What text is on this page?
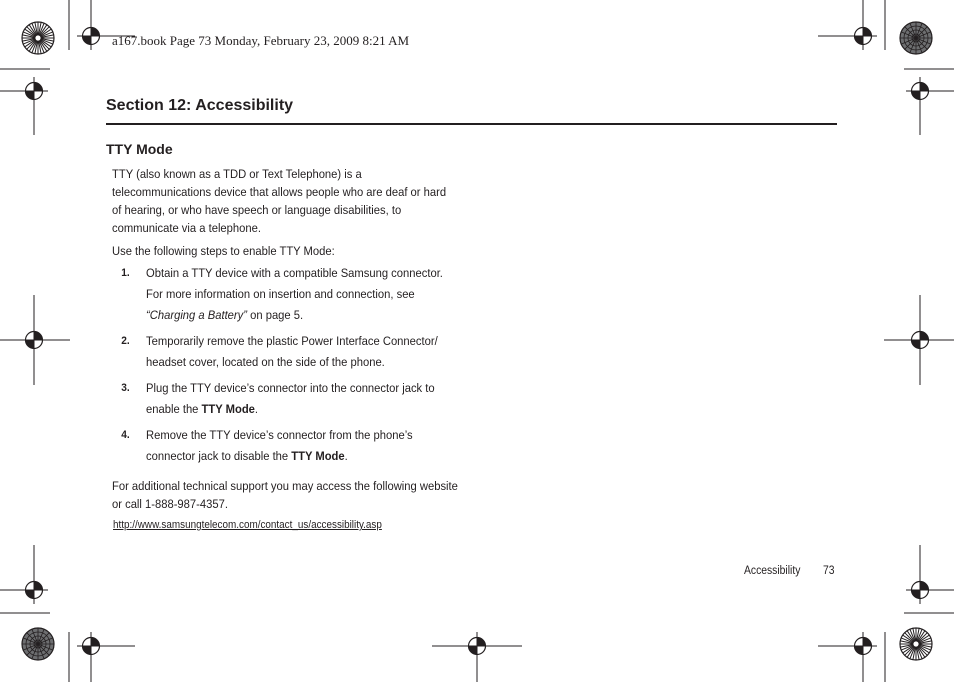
a167.book Page 73 Monday, February 23, 2009 8:21 AM
Section 12: Accessibility
TTY Mode
TTY (also known as a TDD or Text Telephone) is a telecommunications device that allows people who are deaf or hard of hearing, or who have speech or language disabilities, to communicate via a telephone.
Use the following steps to enable TTY Mode:
1. Obtain a TTY device with a compatible Samsung connector. For more information on insertion and connection, see “Charging a Battery” on page 5.
2. Temporarily remove the plastic Power Interface Connector/ headset cover, located on the side of the phone.
3. Plug the TTY device’s connector into the connector jack to enable the TTY Mode.
4. Remove the TTY device’s connector from the phone’s connector jack to disable the TTY Mode.
For additional technical support you may access the following website or call 1-888-987-4357.
http://www.samsungtelecom.com/contact_us/accessibility.asp
Accessibility 73
